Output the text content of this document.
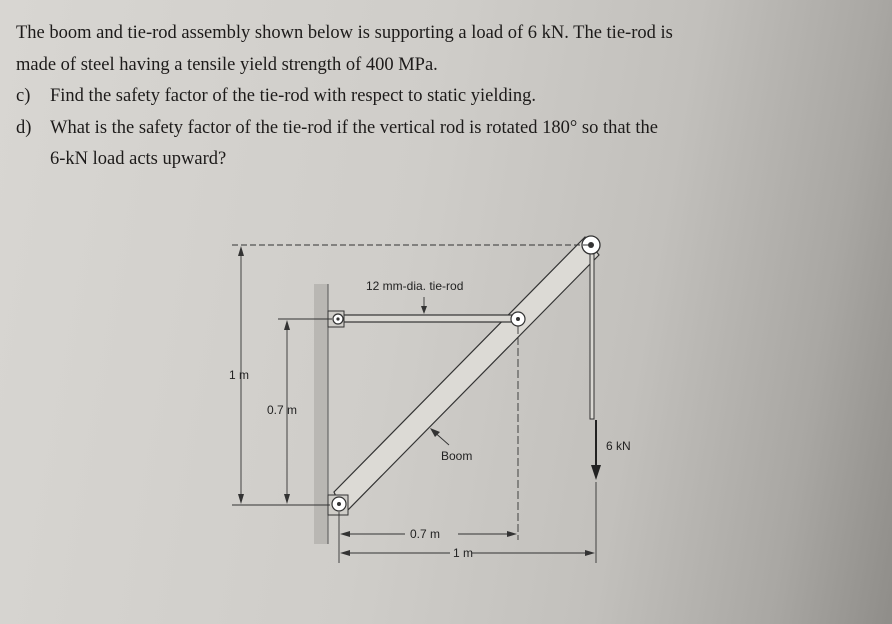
The boom and tie-rod assembly shown below is supporting a load of 6 kN. The tie-rod is
made of steel having a tensile yield strength of 400 MPa.
c)	Find the safety factor of the tie-rod with respect to static yielding.
d)	What is the safety factor of the tie-rod if the vertical rod is rotated 180° so that the
6-kN load acts upward?
12 mm-dia. tie-rod
Boom
6 kN
1 m
0.7 m
0.7 m
1 m
